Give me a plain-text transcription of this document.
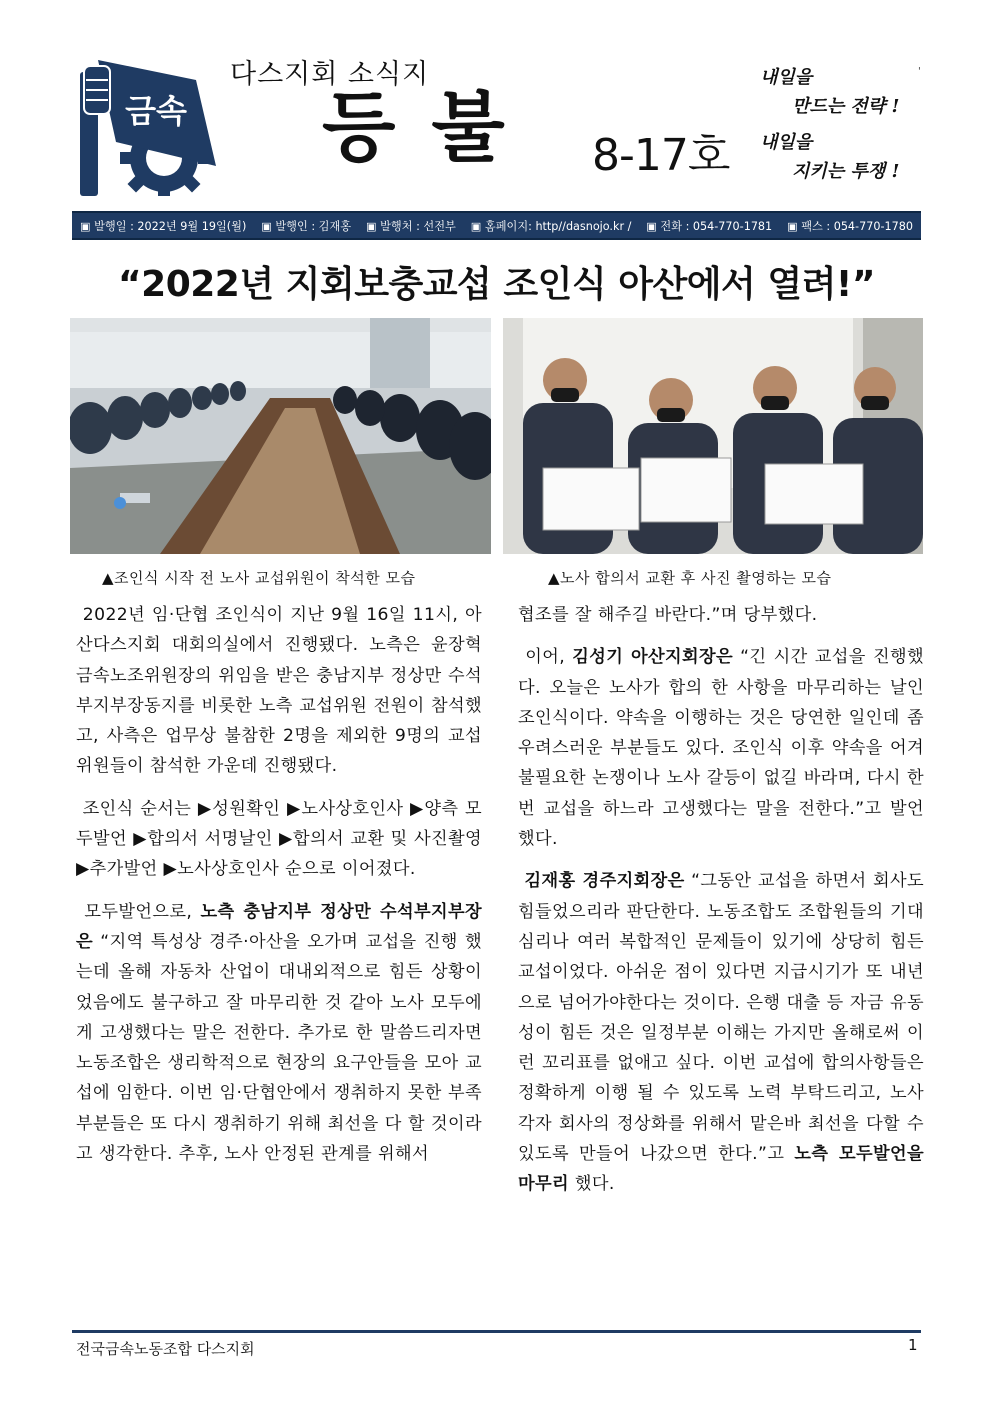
금속
다스지회 소식지
등불 8-17호
내일을
만드는 전략 !
내일을
지키는 투쟁 !
'
▣ 발행일 : 2022년 9월 19일(월) ▣ 발행인 : 김재홍 ▣ 발행처 : 선전부 ▣ 홈페이지: http//dasnojo.kr / ▣ 전화 : 054-770-1781 ▣ 팩스 : 054-770-1780
“2022년 지회보충교섭 조인식 아산에서 열려!”
▲조인식 시작 전 노사 교섭위원이 착석한 모습	▲노사 합의서 교환 후 사진 촬영하는 모습

2022년 임·단협 조인식이 지난 9월 16일 11시, 아산다스지회 대회의실에서 진행됐다. 노측은 윤장혁 금속노조위원장의 위임을 받은 충남지부 정상만 수석부지부장동지를 비롯한 노측 교섭위원 전원이 참석했고, 사측은 업무상 불참한 2명을 제외한 9명의 교섭위원들이 참석한 가운데 진행됐다.

조인식 순서는 ▶성원확인 ▶노사상호인사 ▶양측 모두발언 ▶합의서 서명날인 ▶합의서 교환 및 사진촬영 ▶추가발언 ▶노사상호인사 순으로 이어졌다.

모두발언으로, 노측 충남지부 정상만 수석부지부장은 “지역 특성상 경주·아산을 오가며 교섭을 진행 했는데 올해 자동차 산업이 대내외적으로 힘든 상황이었음에도 불구하고 잘 마무리한 것 같아 노사 모두에게 고생했다는 말은 전한다. 추가로 한 말씀드리자면 노동조합은 생리학적으로 현장의 요구안들을 모아 교섭에 임한다. 이번 임·단협안에서 쟁취하지 못한 부족 부분들은 또 다시 쟁취하기 위해 최선을 다 할 것이라고 생각한다. 추후, 노사 안정된 관계를 위해서

협조를 잘 해주길 바란다.”며 당부했다.

이어, 김성기 아산지회장은 “긴 시간 교섭을 진행했다. 오늘은 노사가 합의 한 사항을 마무리하는 날인 조인식이다. 약속을 이행하는 것은 당연한 일인데 좀 우려스러운 부분들도 있다. 조인식 이후 약속을 어겨 불필요한 논쟁이나 노사 갈등이 없길 바라며, 다시 한 번 교섭을 하느라 고생했다는 말을 전한다.”고 발언했다.

김재홍 경주지회장은 “그동안 교섭을 하면서 회사도 힘들었으리라 판단한다. 노동조합도 조합원들의 기대심리나 여러 복합적인 문제들이 있기에 상당히 힘든 교섭이었다. 아쉬운 점이 있다면 지급시기가 또 내년으로 넘어가야한다는 것이다. 은행 대출 등 자금 유동성이 힘든 것은 일정부분 이해는 가지만 올해로써 이런 꼬리표를 없애고 싶다. 이번 교섭에 합의사항들은 정확하게 이행 될 수 있도록 노력 부탁드리고, 노사 각자 회사의 정상화를 위해서 맡은바 최선을 다할 수 있도록 만들어 나갔으면 한다.”고 노측 모두발언을 마무리 했다.

전국금속노동조합 다스지회	1
